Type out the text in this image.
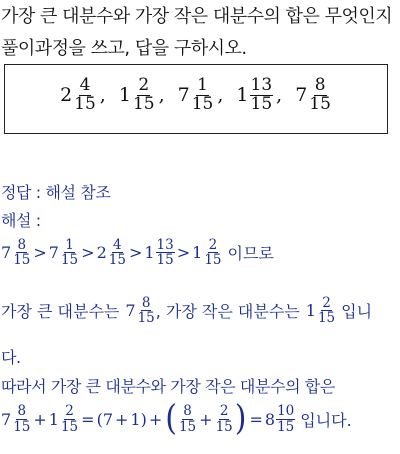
가장 큰 대분수와 가장 작은 대분수의 합은 무엇인지
풀이과정을 쓰고, 답을 구하시오.
$2 \frac{4}{15}$ , $1 \frac{2}{15}$ , $7 \frac{1}{15}$ , $1 \frac{13}{15}$ , $7 \frac{8}{15}$
정답 : 해설 참조
해설 :
$7 \frac{8}{15} > 7 \frac{1}{15} > 2 \frac{4}{15} > 1 \frac{13}{15} > 1 \frac{2}{15}$ 이므로
가장 큰 대분수는 $7 \frac{8}{15}$ , 가장 작은 대분수는 $1 \frac{2}{15}$ 입니
다.
따라서 가장 큰 대분수와 가장 작은 대분수의 합은
$7 \frac{8}{15} + 1 \frac{2}{15}$ = ( 7 + 1 ) + ( $\frac{8}{15} + \frac{2}{15}$ ) = $8 \frac{10}{15}$ 입니다.
